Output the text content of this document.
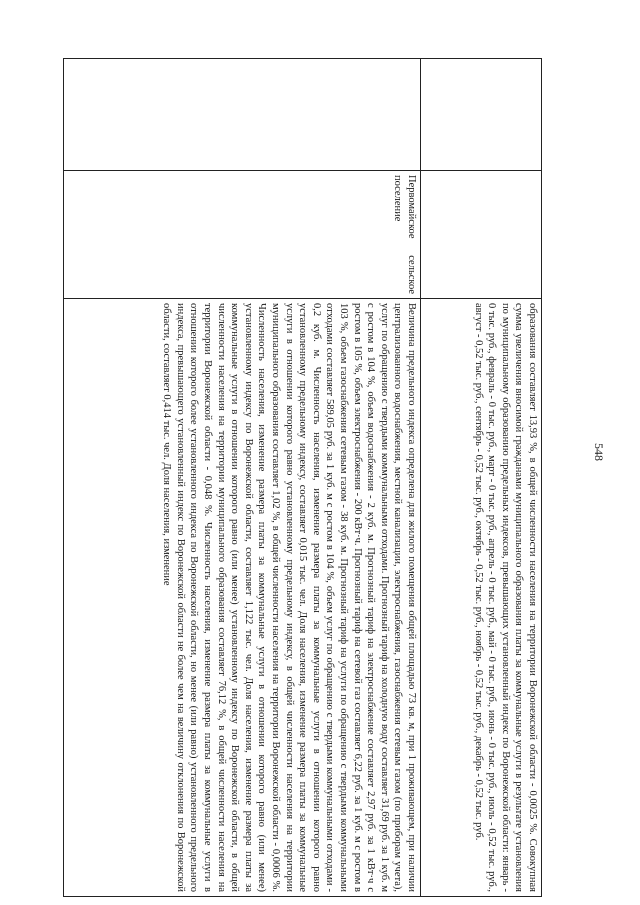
548
		образования составляет 13,93 %, в общей численности населения на территории Воронежской области - 0,0025 %. Совокупная сумма увеличения вносимой гражданами муниципального образования платы за коммунальные услуги в результате установления по муниципальному образованию предельных индексов, превышающих установленный индекс по Воронежской области: январь - 0 тыс. руб., февраль - 0 тыс. руб., март - 0 тыс. руб., апрель - 0 тыс. руб., май - 0 тыс. руб., июнь - 0 тыс. руб., июль - 0,52 тыс. руб., август - 0,52 тыс. руб., сентябрь - 0,52 тыс. руб., октябрь - 0,52 тыс. руб., ноябрь - 0,52 тыс. руб., декабрь - 0,52 тыс. руб.
	Первомайское сельское поселение	Величина предельного индекса определена для жилого помещения общей площадью 73 кв. м, при 1 проживающем, при наличии централизованного водоснабжения, местной канализации, электроснабжения, газоснабжения сетевым газом (по приборам учета), услуг по обращению с твердыми коммунальными отходами. Прогнозный тариф на холодную воду составляет 31,69 руб. за 1 куб. м с ростом в 104 %, объем водоснабжения - 2 куб. м. Прогнозный тариф на электроснабжение составляет 2,97 руб. за 1 кВт·ч с ростом в 105 %, объем электроснабжения - 200 кВт·ч. Прогнозный тариф на сетевой газ составляет 6,22 руб. за 1 куб. м с ростом в 103 %, объем газоснабжения сетевым газом - 38 куб. м. Прогнозный тариф на услуги по обращению с твердыми коммунальными отходами составляет 589,05 руб. за 1 куб. м с ростом в 104 %, объем услуг по обращению с твердыми коммунальными отходами - 0,2 куб. м. Численность населения, изменение размера платы за коммунальные услуги в отношении которого равно установленному предельному индексу, составляет 0,015 тыс. чел. Доля населения, изменение размера платы за коммунальные услуги в отношении которого равно установленному предельному индексу, в общей численности населения на территории муниципального образования составляет 1,02 %, в общей численности населения на территории Воронежской области - 0,0006 %. Численность населения, изменение размера платы за коммунальные услуги в отношении которого равно (или менее) установленному индексу по Воронежской области, составляет 1,122 тыс. чел. Доля населения, изменение размера платы за коммунальные услуги в отношении которого равно (или менее) установленному индексу по Воронежской области, в общей численности населения на территории муниципального образования составляет 76,12 %, в общей численности населения на территории Воронежской области - 0,048 %. Численность населения, изменение размера платы за коммунальные услуги в отношении которого более установленного индекса по Воронежской области, но менее (или равно) установленного предельного индекса, превышающего установленный индекс по Воронежской области не более чем на величину отклонения по Воронежской области, составляет 0,414 тыс. чел. Доля населения, изменение
